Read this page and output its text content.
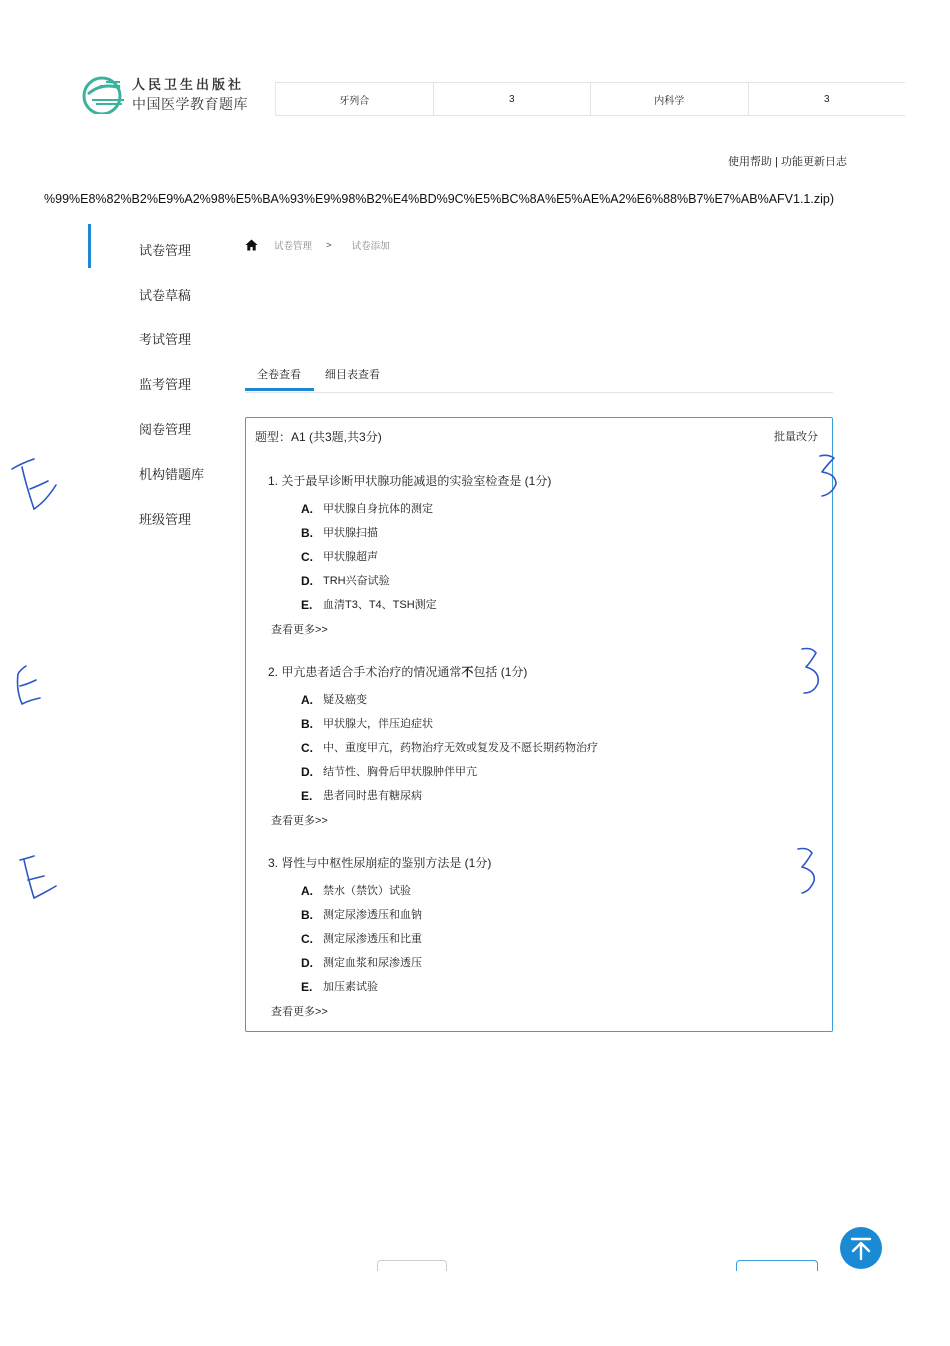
人民卫生出版社
中国医学教育题库	牙列合	3	内科学	3
使用帮助 | 功能更新日志
%99%E8%82%B2%E9%A2%98%E5%BA%93%E9%98%B2%E4%BD%9C%E5%BC%8A%E5%AE%A2%E6%88%B7%E7%AB%AFV1.1.zip)
试卷管理
试卷草稿
考试管理
监考管理
阅卷管理
机构错题库
班级管理
试卷管理 > 试卷添加
全卷查看 细目表查看
题型：A1 (共3题,共3分)	批量改分
1. 关于最早诊断甲状腺功能减退的实验室检查是 (1分)
A. 甲状腺自身抗体的测定
B. 甲状腺扫描
C. 甲状腺超声
D. TRH兴奋试验
E. 血清T3、T4、TSH测定
查看更多>>
2. 甲亢患者适合手术治疗的情况通常不包括 (1分)
A. 疑及癌变
B. 甲状腺大，伴压迫症状
C. 中、重度甲亢，药物治疗无效或复发及不愿长期药物治疗
D. 结节性、胸骨后甲状腺肿伴甲亢
E. 患者同时患有糖尿病
查看更多>>
3. 肾性与中枢性尿崩症的鉴别方法是 (1分)
A. 禁水（禁饮）试验
B. 测定尿渗透压和血钠
C. 测定尿渗透压和比重
D. 测定血浆和尿渗透压
E. 加压素试验
查看更多>>
